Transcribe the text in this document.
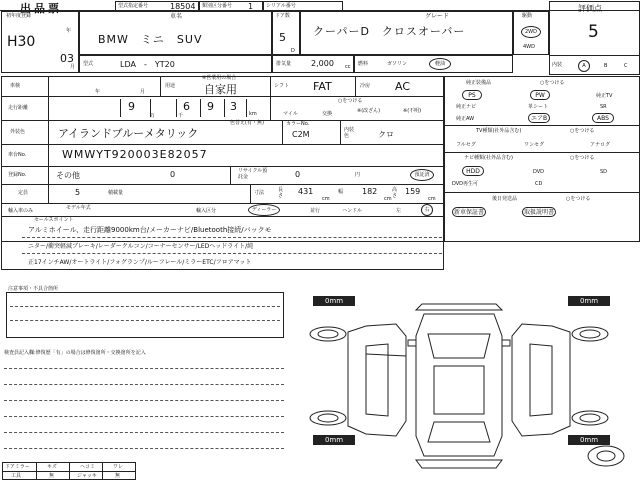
出品票	型式指定番号	18504 類別区分番号 1	シリアル番号	評価点
5
初年度登録
H30
年
03
月
車名
BMW　ミニ　SUV
ドア数
5
D
グレード
クーパーD　クロスオーバー
駆動
2WD
4WD
型式	LDA　‐　YT20	排気量 2,000 cc 燃料	ガソリン	軽油	内装	A	B	C
車検
年	月
用途
※営業用の場合
自家用	シフト FAT	冷房 AC
走行距離	9	6 9 3
万	千	km
○をつける
マイル	交換	※(改ざん)	※(不明)
外装色	アイランドブルーメタリック
色替え(有・無)	カラーNo.
C2M	内装色	クロ
車台No.	WMWYT920003E82057
登録No.	その他	0	リサイクル預託金	0	円	預託済
定員	5	積載量	寸法	長さ 431
cm
幅 182
cm
高さ 159
cm
輸入車のみ	モデル年式	輸入区分	ディーラー	並行	ハンドル	左	右
純正装備品	○をつける
PS	PW	純正TV
純正ナビ	革シート	SR
純正AW	エアB	ABS
TV種類(社外品含む)	○をつける
フルセグ	ワンセグ	アナログ
ナビ種類(社外品含む)	○をつける
HDD	DVD	SD
DVD再生可	CD
後日発送品	○をつける
新車保証書	取扱説明書
セールスポイント
アルミホイール、走行距離9000km台/メーカーナビ/Bluetooth接続/バックモ
ニター/衝突軽減ブレーキ/レーダークルコン/コーナーセンサー/LEDヘッドライト/純
正17インチAW/オートライト/フォグランプ/ルーフレール/ミラーETC/フロアマット
注意事項・不具合箇所
検査員記入欄:修復歴「有」の場合は修復箇所・交換箇所を記入
ドアミラー	キズ	ヘコミ	ワレ
工具	無	ジャッキ	無
0mm	0mm
0mm	0mm
